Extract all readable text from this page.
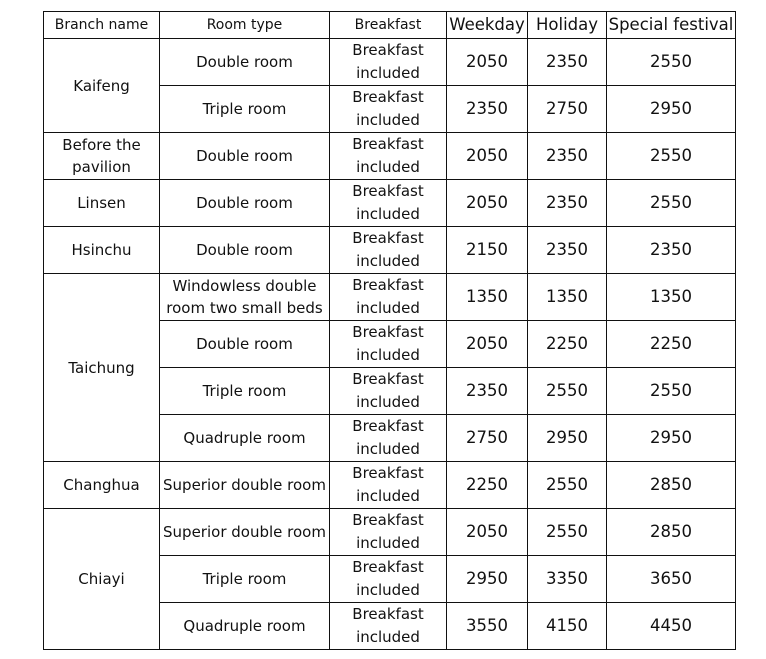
Branch name	Room type	Breakfast	Weekday	Holiday	Special festival
Kaifeng	Double room	Breakfast included	2050	2350	2550
	Triple room	Breakfast included	2350	2750	2950
Before the pavilion	Double room	Breakfast included	2050	2350	2550
Linsen	Double room	Breakfast included	2050	2350	2550
Hsinchu	Double room	Breakfast included	2150	2350	2350
Taichung	Windowless double room two small beds	Breakfast included	1350	1350	1350
	Double room	Breakfast included	2050	2250	2250
	Triple room	Breakfast included	2350	2550	2550
	Quadruple room	Breakfast included	2750	2950	2950
Changhua	Superior double room	Breakfast included	2250	2550	2850
Chiayi	Superior double room	Breakfast included	2050	2550	2850
	Triple room	Breakfast included	2950	3350	3650
	Quadruple room	Breakfast included	3550	4150	4450
